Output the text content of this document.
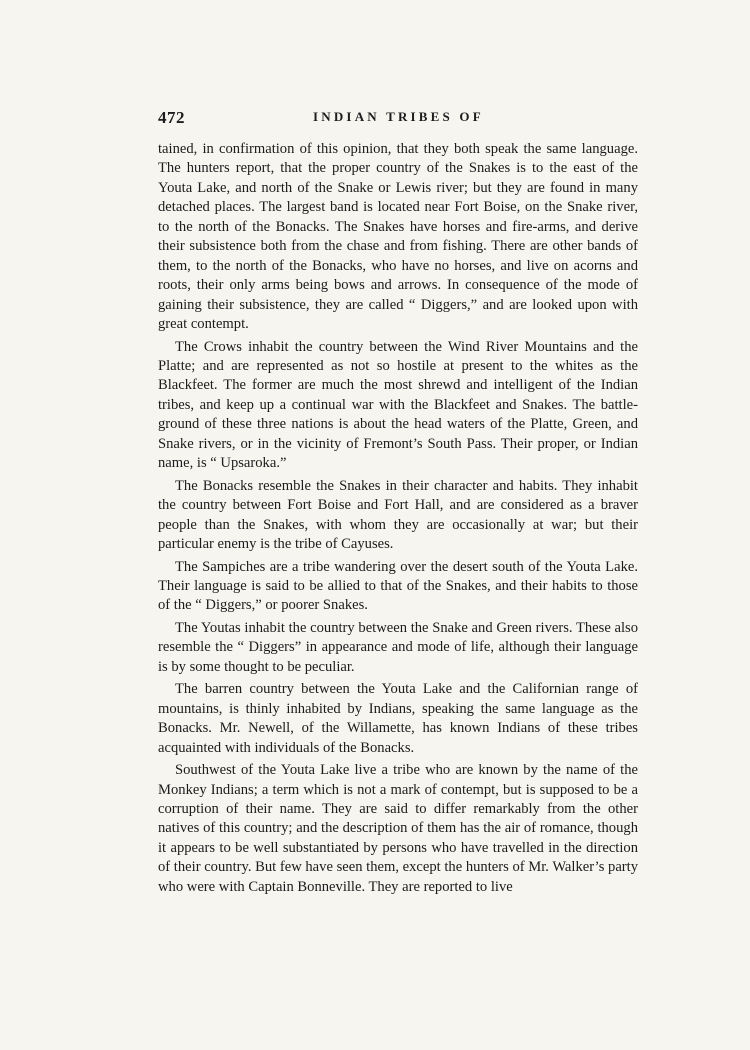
472	INDIAN TRIBES OF

tained, in confirmation of this opinion, that they both speak the same language. The hunters report, that the proper country of the Snakes is to the east of the Youta Lake, and north of the Snake or Lewis river; but they are found in many detached places. The largest band is located near Fort Boise, on the Snake river, to the north of the Bonacks. The Snakes have horses and fire-arms, and derive their subsistence both from the chase and from fishing. There are other bands of them, to the north of the Bonacks, who have no horses, and live on acorns and roots, their only arms being bows and arrows. In consequence of the mode of gaining their subsistence, they are called “ Diggers,” and are looked upon with great contempt.

The Crows inhabit the country between the Wind River Mountains and the Platte; and are represented as not so hostile at present to the whites as the Blackfeet. The former are much the most shrewd and intelligent of the Indian tribes, and keep up a continual war with the Blackfeet and Snakes. The battle-ground of these three nations is about the head waters of the Platte, Green, and Snake rivers, or in the vicinity of Fremont’s South Pass. Their proper, or Indian name, is “ Upsaroka.”

The Bonacks resemble the Snakes in their character and habits. They inhabit the country between Fort Boise and Fort Hall, and are considered as a braver people than the Snakes, with whom they are occasionally at war; but their particular enemy is the tribe of Cayuses.

The Sampiches are a tribe wandering over the desert south of the Youta Lake. Their language is said to be allied to that of the Snakes, and their habits to those of the “ Diggers,” or poorer Snakes.

The Youtas inhabit the country between the Snake and Green rivers. These also resemble the “ Diggers” in appearance and mode of life, although their language is by some thought to be peculiar.

The barren country between the Youta Lake and the Californian range of mountains, is thinly inhabited by Indians, speaking the same language as the Bonacks. Mr. Newell, of the Willamette, has known Indians of these tribes acquainted with individuals of the Bonacks.

Southwest of the Youta Lake live a tribe who are known by the name of the Monkey Indians; a term which is not a mark of contempt, but is supposed to be a corruption of their name. They are said to differ remarkably from the other natives of this country; and the description of them has the air of romance, though it appears to be well substantiated by persons who have travelled in the direction of their country. But few have seen them, except the hunters of Mr. Walker’s party who were with Captain Bonneville. They are reported to live
